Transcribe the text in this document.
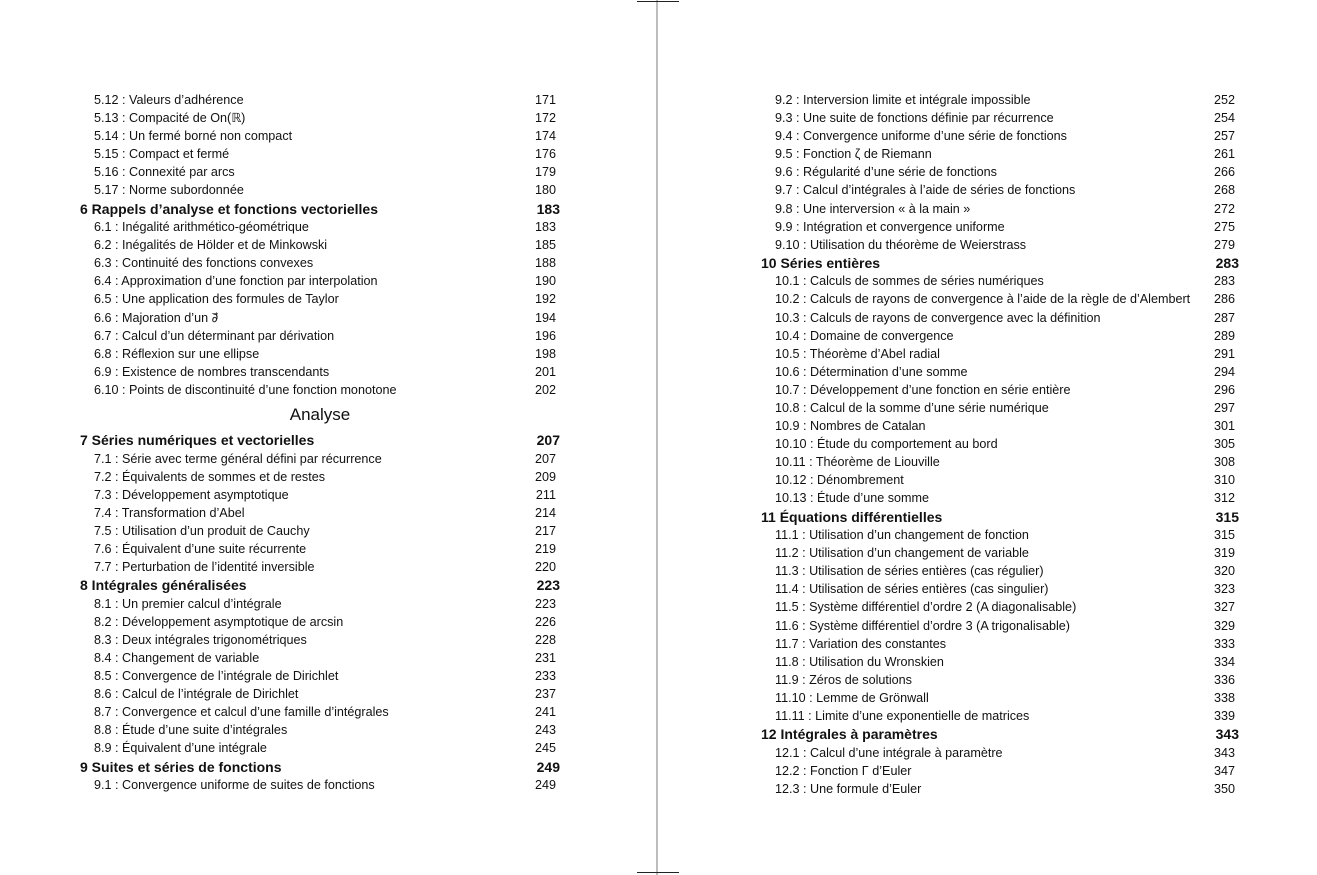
5.12 : Valeurs d’adhérence	171
5.13 : Compacité de On(ℝ)	172
5.14 : Un fermé borné non compact	174
5.15 : Compact et fermé	176
5.16 : Connexité par arcs	179
5.17 : Norme subordonnée	180
6 Rappels d’analyse et fonctions vectorielles	183
6.1 : Inégalité arithmético-géométrique	183
6.2 : Inégalités de Hölder et de Minkowski	185
6.3 : Continuité des fonctions convexes	188
6.4 : Approximation d’une fonction par interpolation	190
6.5 : Une application des formules de Taylor	192
6.6 : Majoration d’un ∂⃗	194
6.7 : Calcul d’un déterminant par dérivation	196
6.8 : Réflexion sur une ellipse	198
6.9 : Existence de nombres transcendants	201
6.10 : Points de discontinuité d’une fonction monotone	202
Analyse
7 Séries numériques et vectorielles	207
7.1 : Série avec terme général défini par récurrence	207
7.2 : Équivalents de sommes et de restes	209
7.3 : Développement asymptotique	211
7.4 : Transformation d’Abel	214
7.5 : Utilisation d’un produit de Cauchy	217
7.6 : Équivalent d’une suite récurrente	219
7.7 : Perturbation de l’identité inversible	220
8 Intégrales généralisées	223
8.1 : Un premier calcul d’intégrale	223
8.2 : Développement asymptotique de arcsin	226
8.3 : Deux intégrales trigonométriques	228
8.4 : Changement de variable	231
8.5 : Convergence de l’intégrale de Dirichlet	233
8.6 : Calcul de l’intégrale de Dirichlet	237
8.7 : Convergence et calcul d’une famille d’intégrales	241
8.8 : Étude d’une suite d’intégrales	243
8.9 : Équivalent d’une intégrale	245
9 Suites et séries de fonctions	249
9.1 : Convergence uniforme de suites de fonctions	249
9.2 : Interversion limite et intégrale impossible	252
9.3 : Une suite de fonctions définie par récurrence	254
9.4 : Convergence uniforme d’une série de fonctions	257
9.5 : Fonction ζ de Riemann	261
9.6 : Régularité d’une série de fonctions	266
9.7 : Calcul d’intégrales à l’aide de séries de fonctions	268
9.8 : Une interversion « à la main »	272
9.9 : Intégration et convergence uniforme	275
9.10 : Utilisation du théorème de Weierstrass	279
10 Séries entières	283
10.1 : Calculs de sommes de séries numériques	283
10.2 : Calculs de rayons de convergence à l’aide de la règle de d’Alembert 286
10.3 : Calculs de rayons de convergence avec la définition	287
10.4 : Domaine de convergence	289
10.5 : Théorème d’Abel radial	291
10.6 : Détermination d’une somme	294
10.7 : Développement d’une fonction en série entière	296
10.8 : Calcul de la somme d’une série numérique	297
10.9 : Nombres de Catalan	301
10.10 : Étude du comportement au bord	305
10.11 : Théorème de Liouville	308
10.12 : Dénombrement	310
10.13 : Étude d’une somme	312
11 Équations différentielles	315
11.1 : Utilisation d’un changement de fonction	315
11.2 : Utilisation d’un changement de variable	319
11.3 : Utilisation de séries entières (cas régulier)	320
11.4 : Utilisation de séries entières (cas singulier)	323
11.5 : Système différentiel d’ordre 2 (A diagonalisable)	327
11.6 : Système différentiel d’ordre 3 (A trigonalisable)	329
11.7 : Variation des constantes	333
11.8 : Utilisation du Wronskien	334
11.9 : Zéros de solutions	336
11.10 : Lemme de Grönwall	338
11.11 : Limite d’une exponentielle de matrices	339
12 Intégrales à paramètres	343
12.1 : Calcul d’une intégrale à paramètre	343
12.2 : Fonction Γ d’Euler	347
12.3 : Une formule d’Euler	350
